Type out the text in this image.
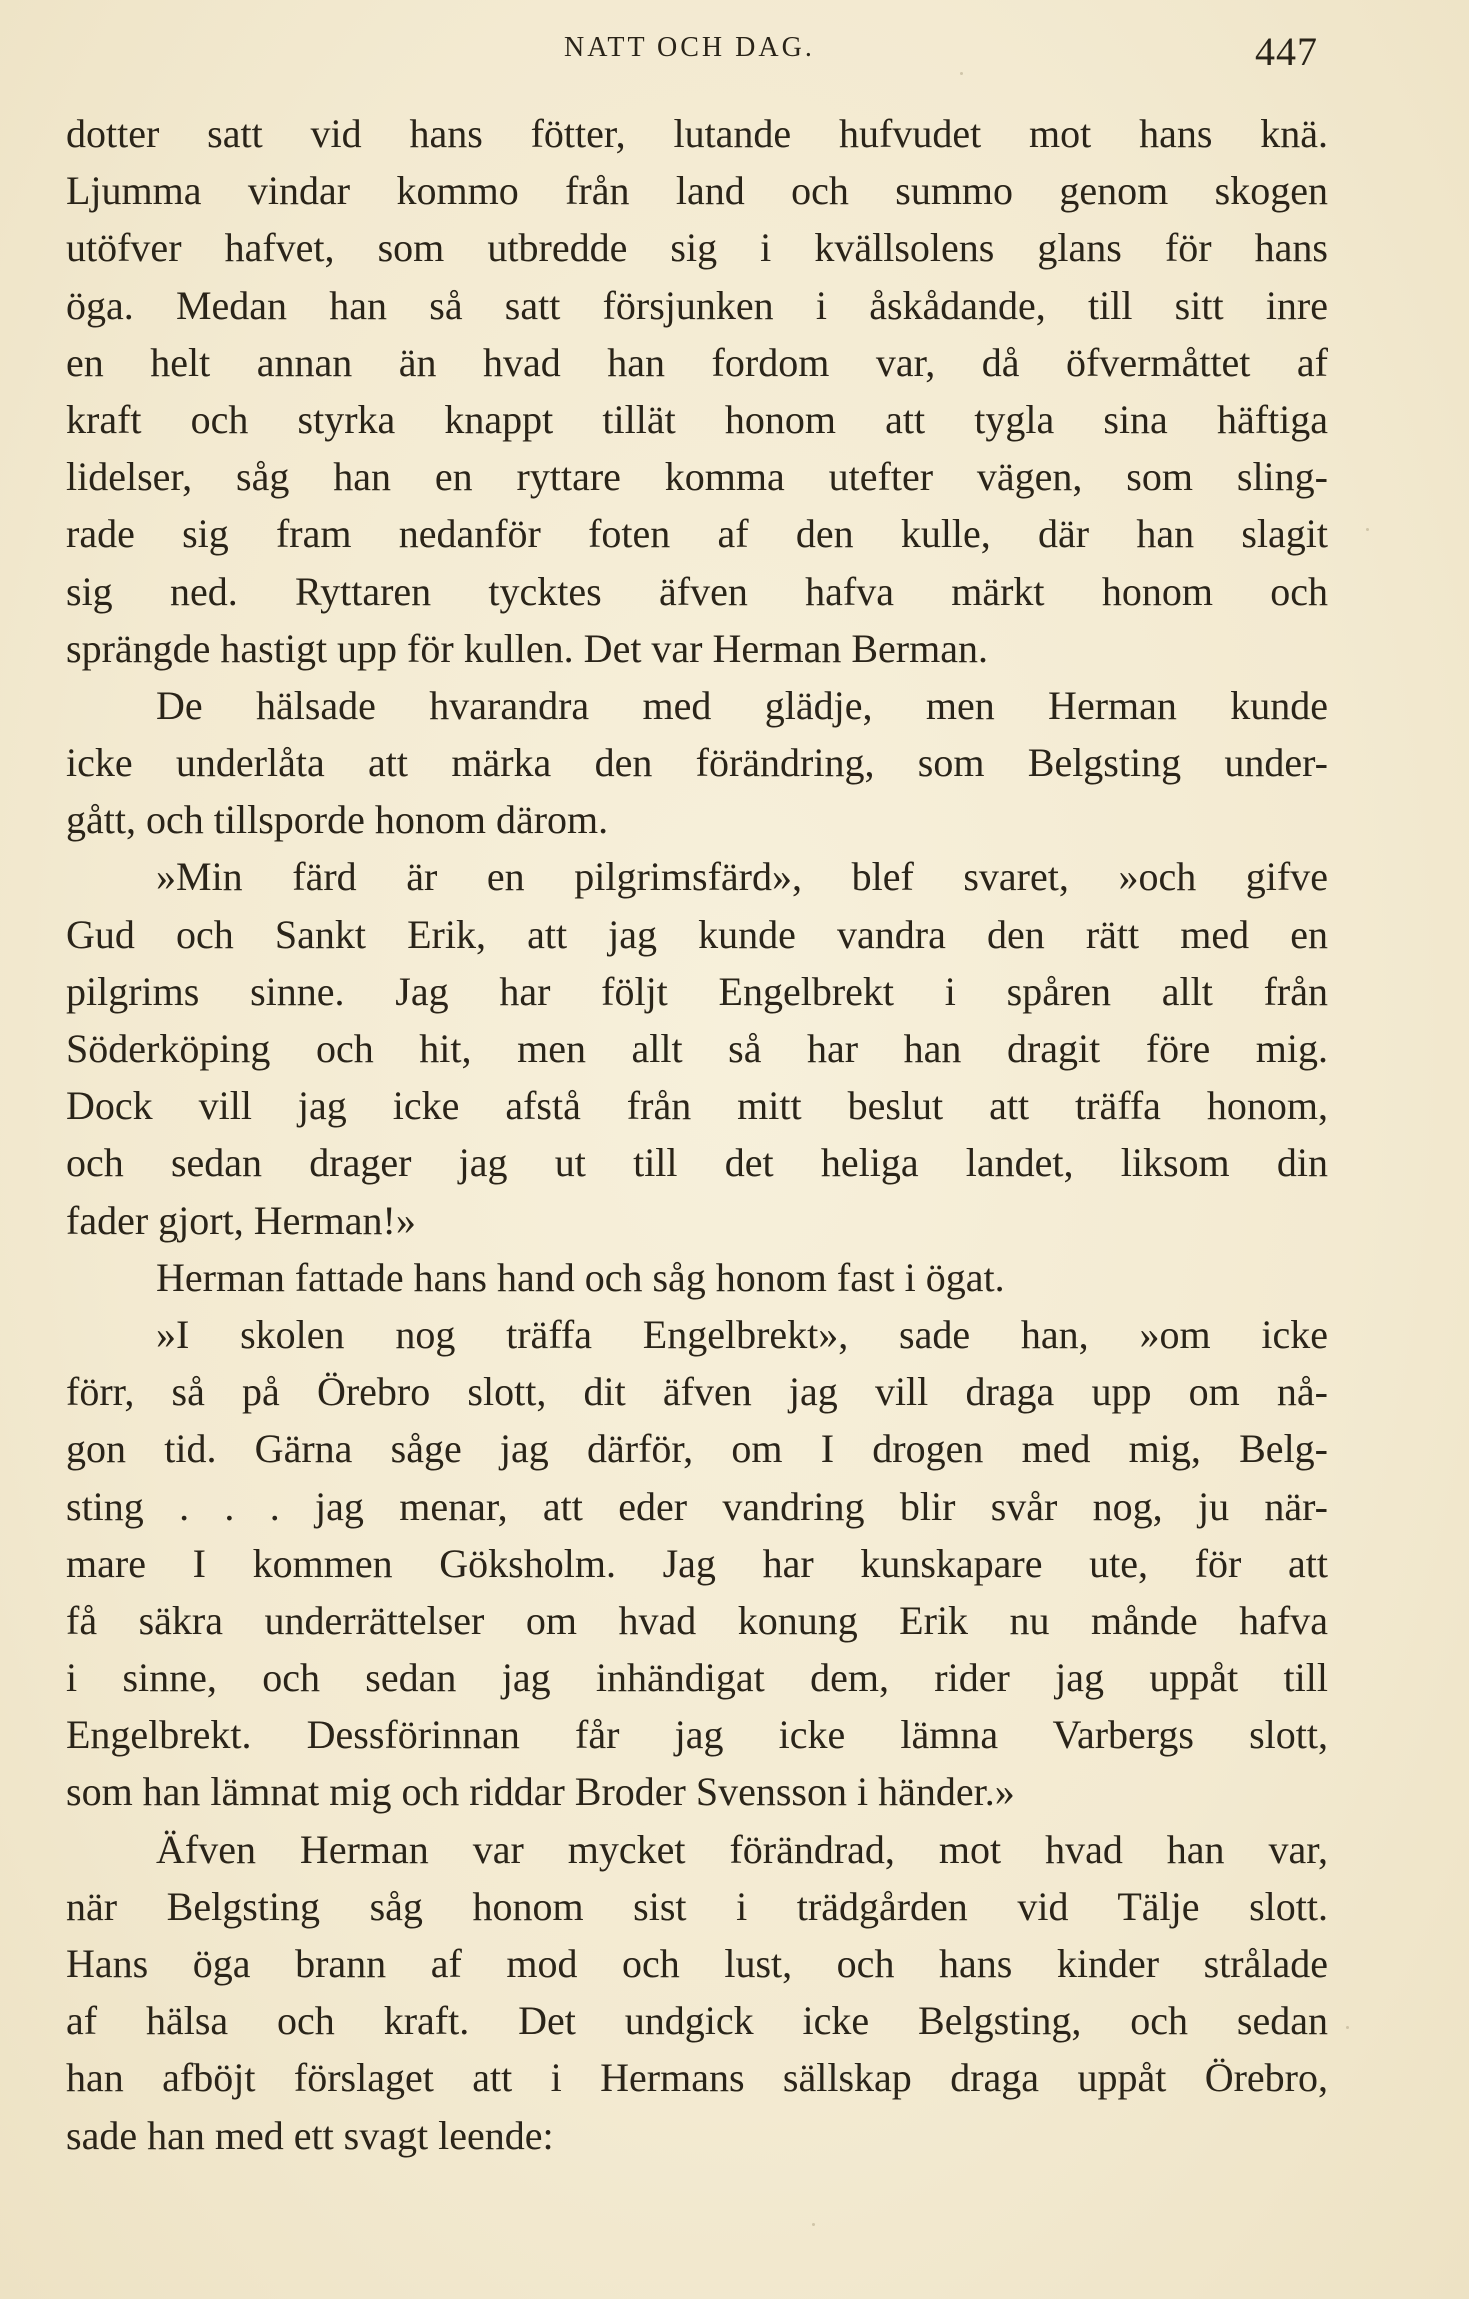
NATT OCH DAG.	447
dotter satt vid hans fötter, lutande hufvudet mot hans knä.
Ljumma vindar kommo från land och summo genom skogen
utöfver hafvet, som utbredde sig i kvällsolens glans för hans
öga. Medan han så satt försjunken i åskådande, till sitt inre
en helt annan än hvad han fordom var, då öfvermåttet af
kraft och styrka knappt tillät honom att tygla sina häftiga
lidelser, såg han en ryttare komma utefter vägen, som sling-
rade sig fram nedanför foten af den kulle, där han slagit
sig ned. Ryttaren tycktes äfven hafva märkt honom och
sprängde hastigt upp för kullen. Det var Herman Berman.
De hälsade hvarandra med glädje, men Herman kunde
icke underlåta att märka den förändring, som Belgsting under-
gått, och tillsporde honom därom.
»Min färd är en pilgrimsfärd», blef svaret, »och gifve
Gud och Sankt Erik, att jag kunde vandra den rätt med en
pilgrims sinne. Jag har följt Engelbrekt i spåren allt från
Söderköping och hit, men allt så har han dragit före mig.
Dock vill jag icke afstå från mitt beslut att träffa honom,
och sedan drager jag ut till det heliga landet, liksom din
fader gjort, Herman!»
Herman fattade hans hand och såg honom fast i ögat.
»I skolen nog träffa Engelbrekt», sade han, »om icke
förr, så på Örebro slott, dit äfven jag vill draga upp om nå-
gon tid. Gärna såge jag därför, om I drogen med mig, Belg-
sting . . . jag menar, att eder vandring blir svår nog, ju när-
mare I kommen Göksholm. Jag har kunskapare ute, för att
få säkra underrättelser om hvad konung Erik nu månde hafva
i sinne, och sedan jag inhändigat dem, rider jag uppåt till
Engelbrekt. Dessförinnan får jag icke lämna Varbergs slott,
som han lämnat mig och riddar Broder Svensson i händer.»
Äfven Herman var mycket förändrad, mot hvad han var,
när Belgsting såg honom sist i trädgården vid Tälje slott.
Hans öga brann af mod och lust, och hans kinder strålade
af hälsa och kraft. Det undgick icke Belgsting, och sedan
han afböjt förslaget att i Hermans sällskap draga uppåt Örebro,
sade han med ett svagt leende:
